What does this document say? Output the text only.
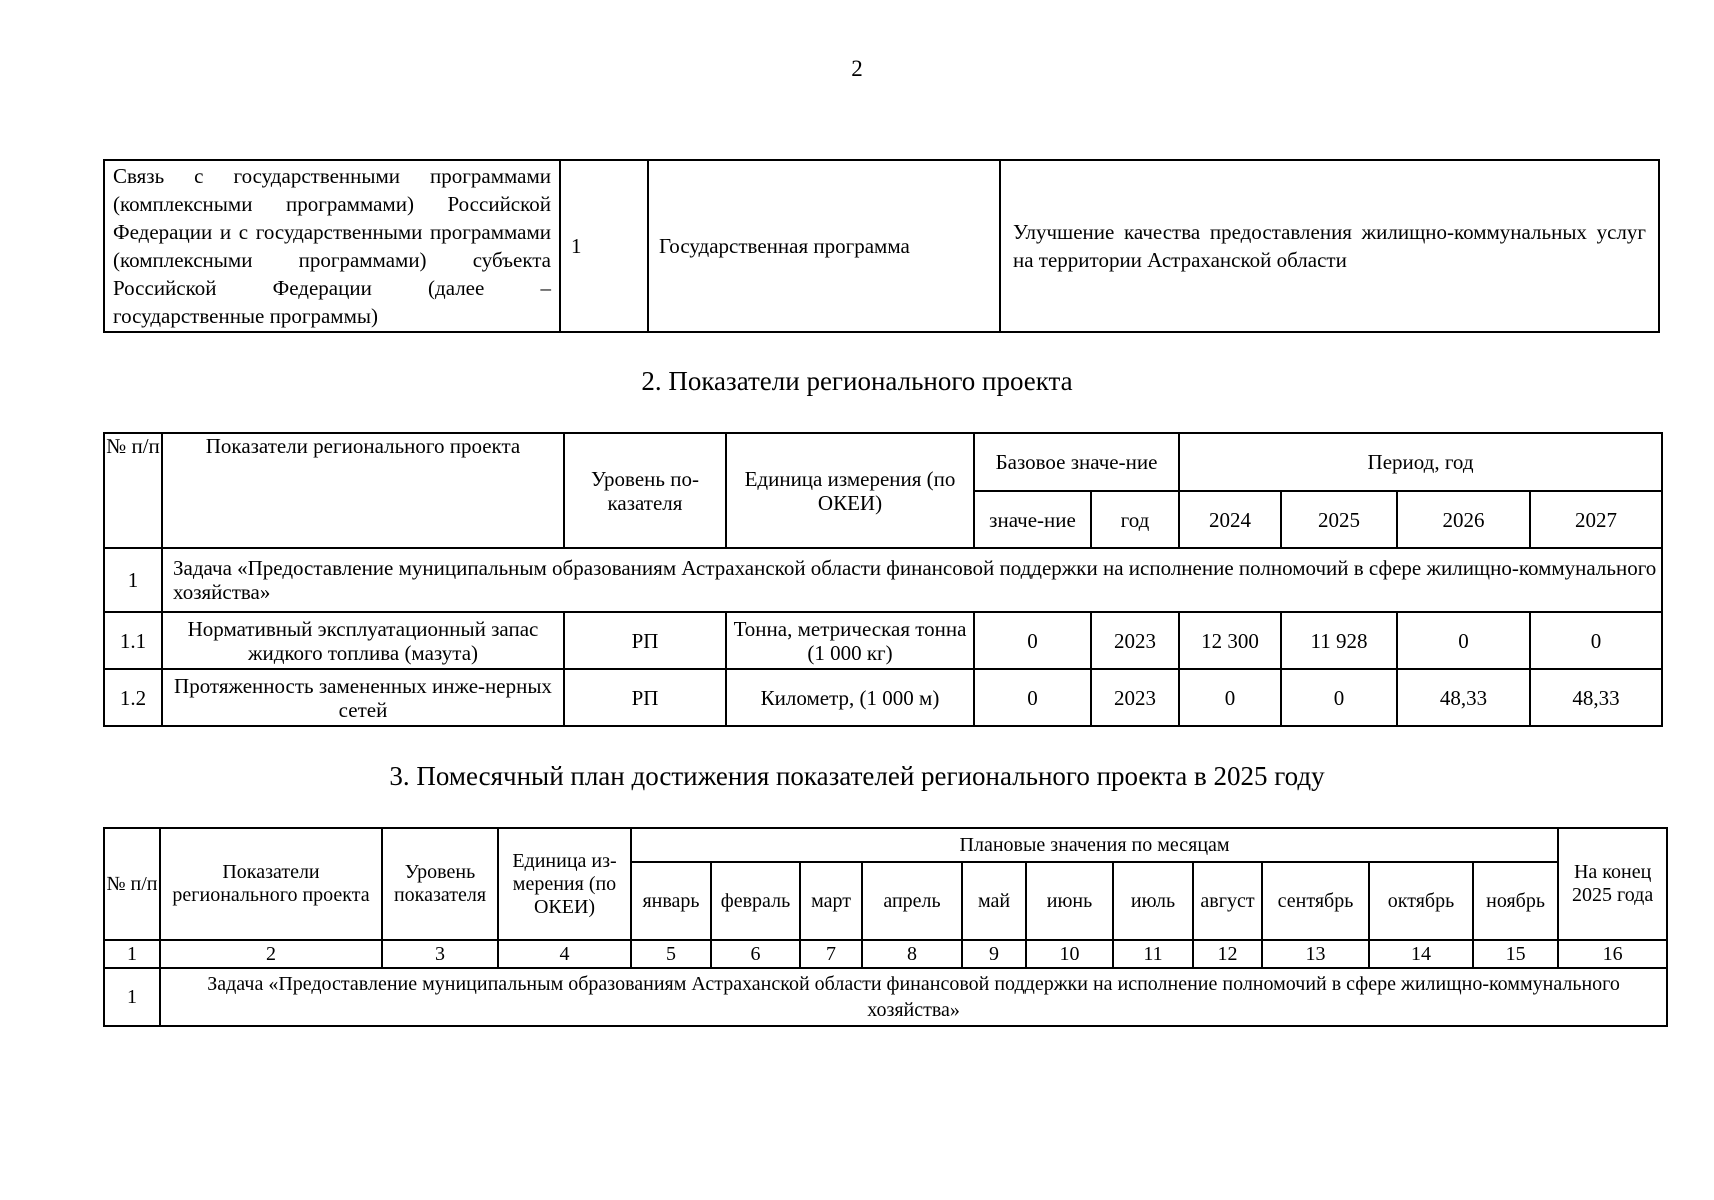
2
Связь с государственными программами (комплексными программами) Российской Федерации и с государственными программами (комплексными программами) субъекта Российской Федерации (далее – государственные программы)	1	Государственная программа	Улучшение качества предоставления жилищно-коммунальных услуг на территории Астраханской области
2. Показатели регионального проекта
№ п/п	Показатели регионального проекта	Уровень по-казателя	Единица измерения (по ОКЕИ)	Базовое значе-ние		Период, год			
				значе-ние	год	2024	2025	2026	2027
1	Задача «Предоставление муниципальным образованиям Астраханской области финансовой поддержки на исполнение полномочий в сфере жилищно-коммунального хозяйства»								
1.1	Нормативный эксплуатационный запас жидкого топлива (мазута)	РП	Тонна, метрическая тонна (1 000 кг)	0	2023	12 300	11 928	0	0
1.2	Протяженность замененных инже-нерных сетей	РП	Километр, (1 000 м)	0	2023	0	0	48,33	48,33
3. Помесячный план достижения показателей регионального проекта в 2025 году
№ п/п	Показатели регионального проекта	Уровень показателя	Единица из-мерения (по ОКЕИ)	Плановые значения по месяцам											На конец 2025 года
				январь	февраль	март	апрель	май	июнь	июль	август	сентябрь	октябрь	ноябрь	
1	2	3	4	5	6	7	8	9	10	11	12	13	14	15	16
1	Задача «Предоставление муниципальным образованиям Астраханской области финансовой поддержки на исполнение полномочий в сфере жилищно-коммунального хозяйства»														
